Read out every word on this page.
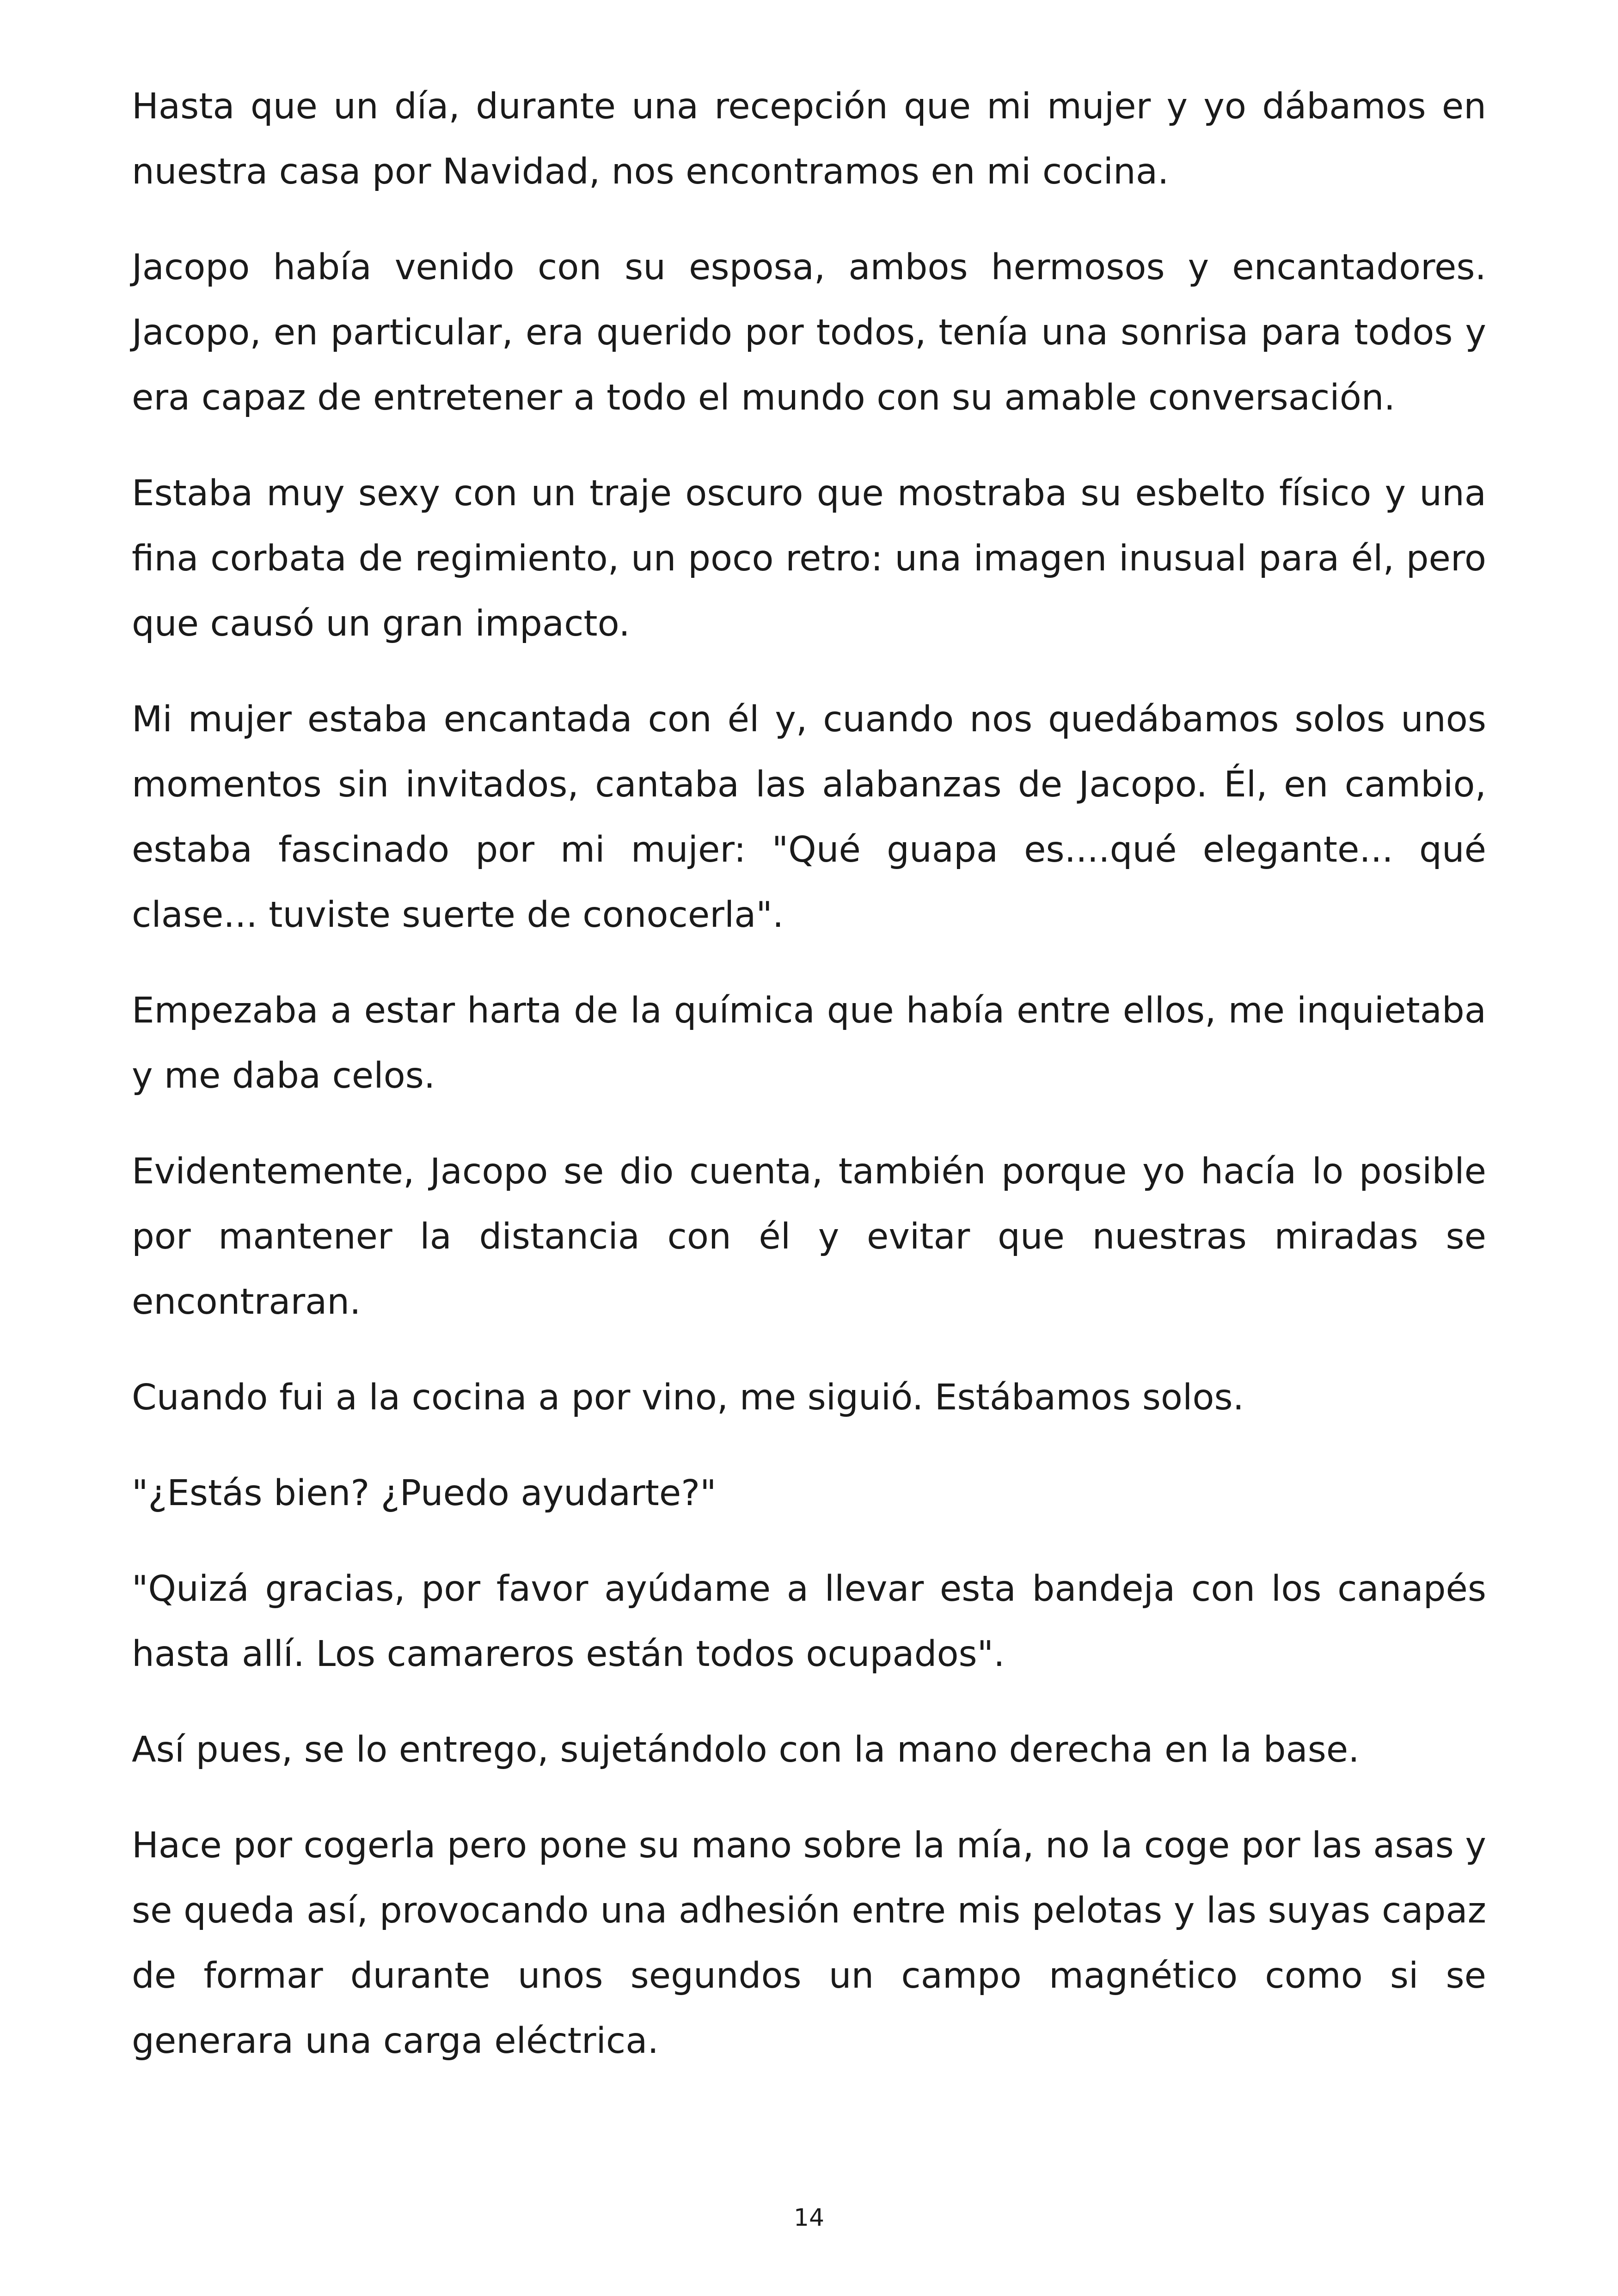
Hasta que un día, durante una recepción que mi mujer y yo dábamos en nuestra casa por Navidad, nos encontramos en mi cocina.

Jacopo había venido con su esposa, ambos hermosos y encantadores. Jacopo, en particular, era querido por todos, tenía una sonrisa para todos y era capaz de entretener a todo el mundo con su amable conversación.

Estaba muy sexy con un traje oscuro que mostraba su esbelto físico y una fina corbata de regimiento, un poco retro: una imagen inusual para él, pero que causó un gran impacto.

Mi mujer estaba encantada con él y, cuando nos quedábamos solos unos momentos sin invitados, cantaba las alabanzas de Jacopo. Él, en cambio, estaba fascinado por mi mujer: "Qué guapa es....qué elegante... qué clase... tuviste suerte de conocerla".

Empezaba a estar harta de la química que había entre ellos, me inquietaba y me daba celos.

Evidentemente, Jacopo se dio cuenta, también porque yo hacía lo posible por mantener la distancia con él y evitar que nuestras miradas se encontraran.

Cuando fui a la cocina a por vino, me siguió. Estábamos solos.

"¿Estás bien? ¿Puedo ayudarte?"

"Quizá gracias, por favor ayúdame a llevar esta bandeja con los canapés hasta allí. Los camareros están todos ocupados".

Así pues, se lo entrego, sujetándolo con la mano derecha en la base.

Hace por cogerla pero pone su mano sobre la mía, no la coge por las asas y se queda así, provocando una adhesión entre mis pelotas y las suyas capaz de formar durante unos segundos un campo magnético como si se generara una carga eléctrica.

14
